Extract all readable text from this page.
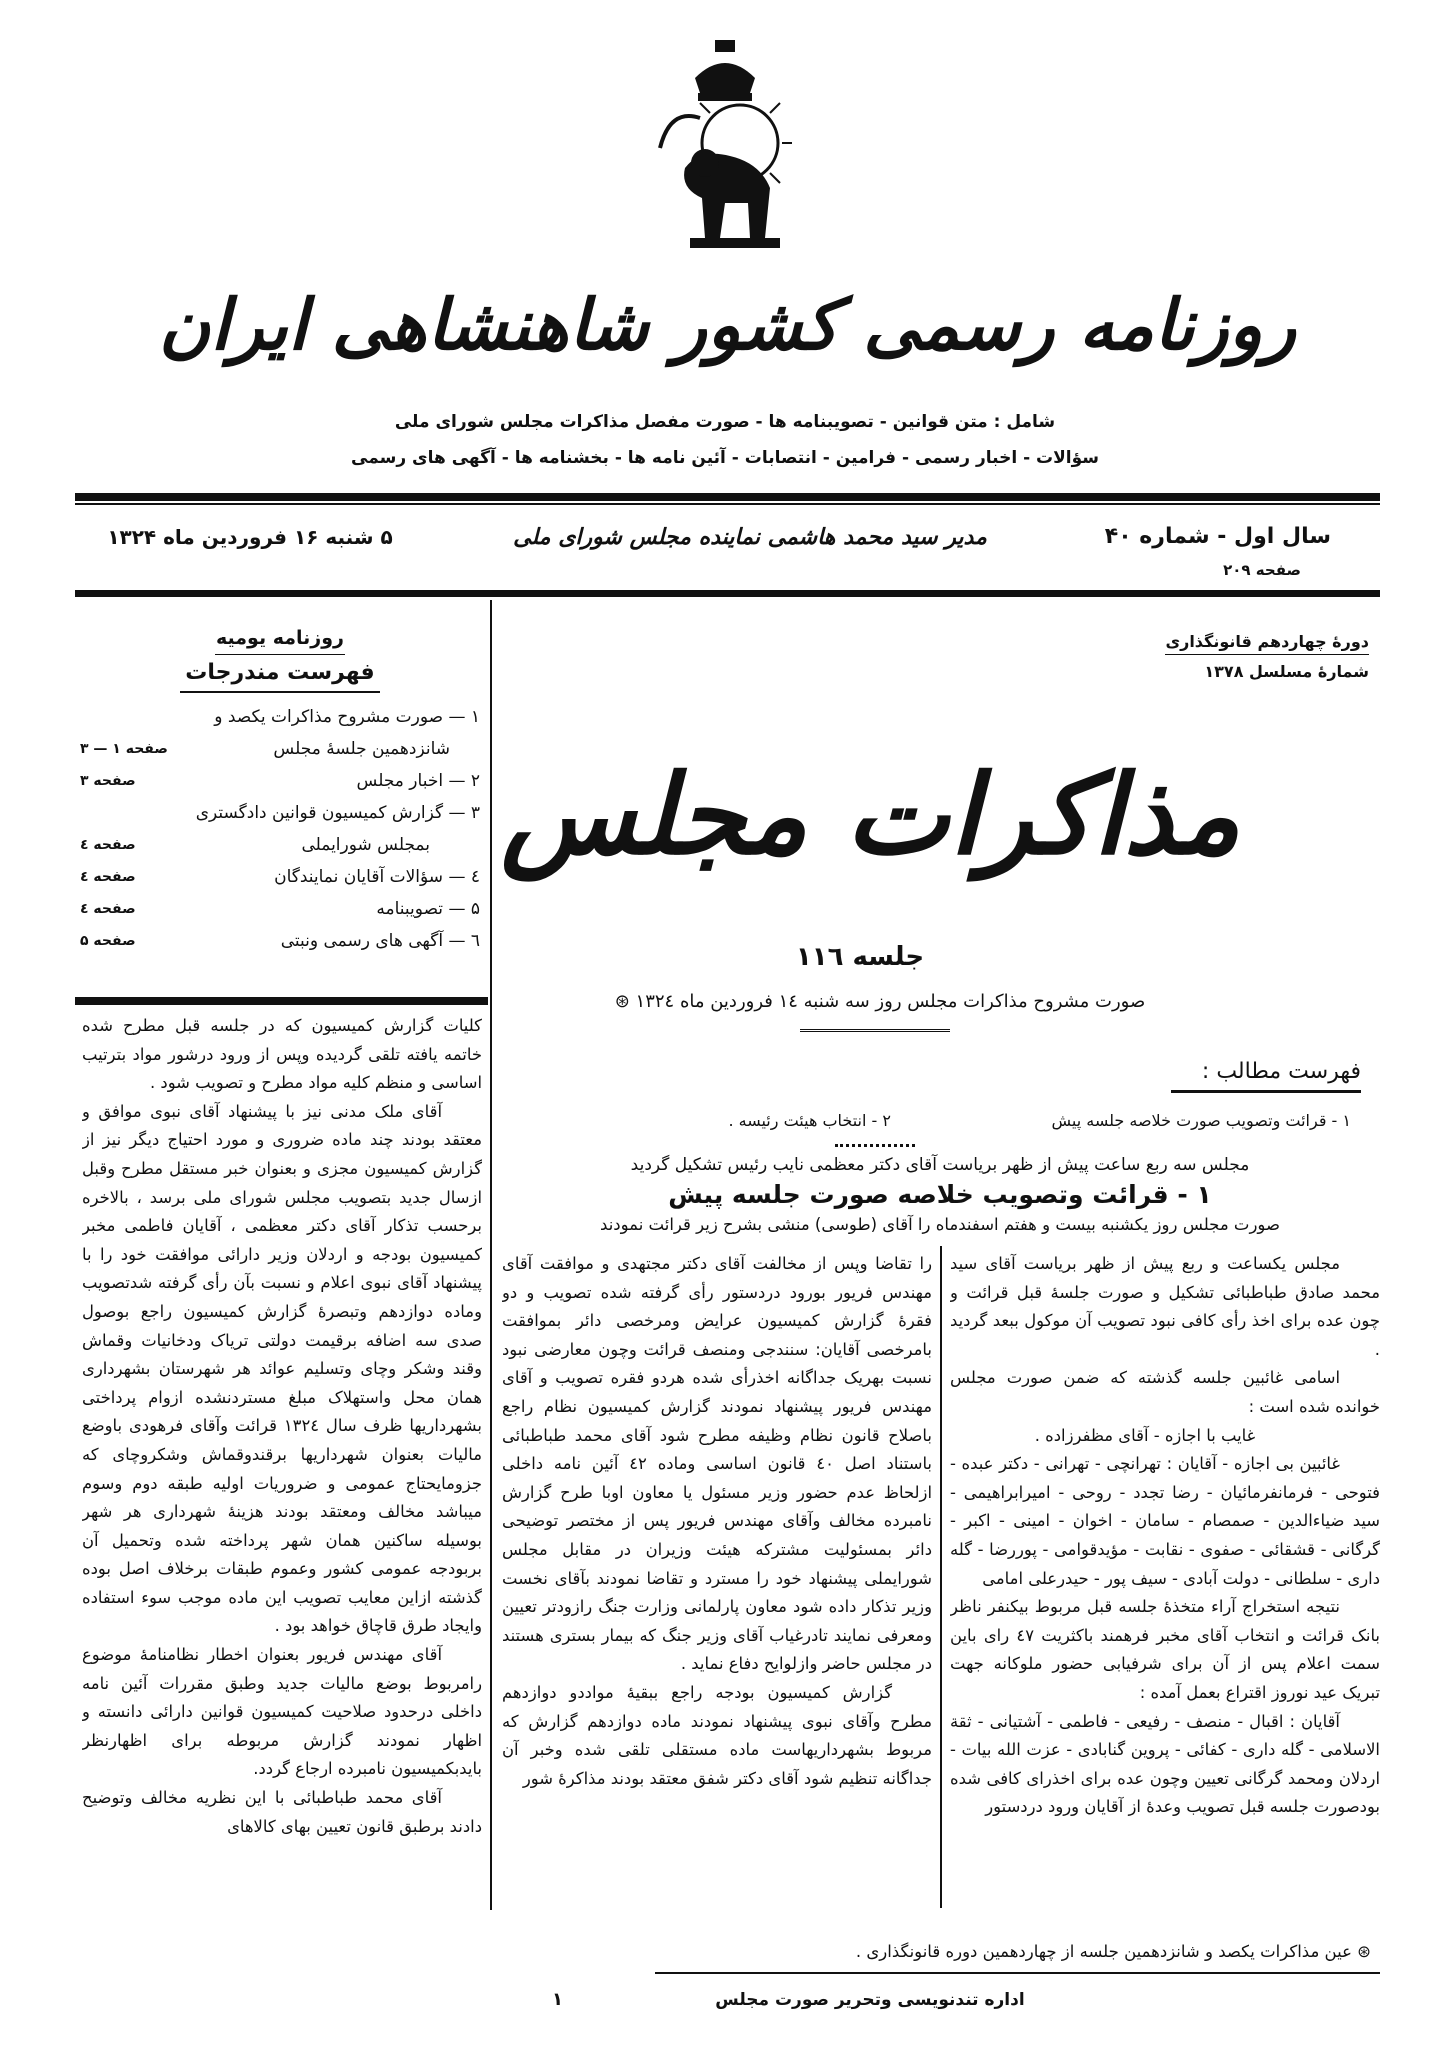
روزنامه رسمی کشور شاهنشاهی ایران
شامل : متن قوانین - تصویبنامه ها - صورت مفصل مذاکرات مجلس شورای ملی
سؤالات - اخبار رسمی - فرامین - انتصابات - آئین نامه ها - بخشنامه ها - آگهی های رسمی
سال اول - شماره ۴۰
صفحه ۲۰۹
مدیر سید محمد هاشمی نماینده مجلس شورای ملی
۵ شنبه ۱۶ فروردین ماه ۱۳۲۴
روزنامه یومیه
فهرست مندرجات
۱ — صورت مشروح مذاکرات یکصد و
شانزدهمین جلسهٔ مجلس
صفحه ۱ — ۳
۲ — اخبار مجلس
صفحه ۳
۳ — گزارش کمیسیون قوانین دادگستری
بمجلس شورایملی
صفحه ٤
٤ — سؤالات آقایان نمایندگان
صفحه ٤
۵ — تصویبنامه
صفحه ٤
٦ — آگهی های رسمی ونبتی
صفحه ۵

کلیات گزارش کمیسیون که در جلسه قبل مطرح شده خاتمه یافته تلقی گردیده وپس از ورود درشور مواد بترتیب اساسی و منظم کلیه مواد مطرح و تصویب شود .

آقای ملک مدنی نیز با پیشنهاد آقای نبوی موافق و معتقد بودند چند ماده ضروری و مورد احتیاج دیگر نیز از گزارش کمیسیون مجزی و بعنوان خبر مستقل مطرح وقبل ازسال جدید بتصویب مجلس شورای ملی برسد ، بالاخره برحسب تذکار آقای دکتر معظمی ، آقایان فاطمی مخبر کمیسیون بودجه و اردلان وزیر دارائی موافقت خود را با پیشنهاد آقای نبوی اعلام و نسبت بآن رأی گرفته شدتصویب وماده دوازدهم وتبصرهٔ گزارش کمیسیون راجع بوصول صدی سه اضافه برقیمت دولتی تریاک ودخانیات وقماش وقند وشکر وچای وتسلیم عوائد هر شهرستان بشهرداری همان محل واستهلاک مبلغ مستردنشده ازوام پرداختی بشهرداریها ظرف سال ۱۳۲٤ قرائت وآقای فرهودی باوضع مالیات بعنوان شهرداریها برقندوقماش وشکروچای که جزومایحتاج عمومی و ضروریات اولیه طبقه دوم وسوم میباشد مخالف ومعتقد بودند هزینهٔ شهرداری هر شهر بوسیله ساکنین همان شهر پرداخته شده وتحمیل آن بربودجه عمومی کشور وعموم طبقات برخلاف اصل بوده گذشته ازاین معایب تصویب این ماده موجب سوء استفاده وایجاد طرق قاچاق خواهد بود .

آقای مهندس فریور بعنوان اخطار نظامنامهٔ موضوع رامربوط بوضع مالیات جدید وطبق مقررات آئین نامه داخلی درحدود صلاحیت کمیسیون قوانین دارائی دانسته و اظهار نمودند گزارش مربوطه برای اظهارنظر بایدبکمیسیون نامبرده ارجاع گردد.

آقای محمد طباطبائی با این نظریه مخالف وتوضیح دادند برطبق قانون تعیین بهای کالاهای

دورهٔ چهاردهم قانونگذاری
شمارهٔ مسلسل ۱۳۷۸
مذاکرات مجلس
جلسه ۱۱٦
صورت مشروح مذاکرات مجلس روز سه شنبه ۱٤ فروردین ماه ۱۳۲٤ ⊛
فهرست مطالب :
۱ - قرائت وتصویب صورت خلاصه جلسه پیش
۲ - انتخاب هیئت رئیسه .
مجلس سه ربع ساعت پیش از ظهر بریاست آقای دکتر معظمی نایب رئیس تشکیل گردید
۱ - قرائت وتصویب خلاصه صورت جلسه پیش
صورت مجلس روز یکشنبه بیست و هفتم اسفندماه را آقای (طوسی) منشی بشرح زیر قرائت نمودند

مجلس یکساعت و ربع پیش از ظهر بریاست آقای سید محمد صادق طباطبائی تشکیل و صورت جلسهٔ قبل قرائت و چون عده برای اخذ رأی کافی نبود تصویب آن موکول ببعد گردید .

اسامی غائبین جلسه گذشته که ضمن صورت مجلس خوانده شده است :

غایب با اجازه - آقای مظفرزاده .

غائبین بی اجازه - آقایان : تهرانچی - تهرانی - دکتر عبده - فتوحی - فرمانفرمائیان - رضا تجدد - روحی - امیرابراهیمی - سید ضیاءالدین - صمصام - سامان - اخوان - امینی - اکبر - گرگانی - قشقائی - صفوی - نقابت - مؤیدقوامی - پوررضا - گله داری - سلطانی - دولت آبادی - سیف پور - حیدرعلی امامی

نتیجه استخراج آراء متخذهٔ جلسه قبل مربوط بیکنفر ناظر بانک قرائت و انتخاب آقای مخبر فرهمند باکثریت ٤۷ رای باین سمت اعلام پس از آن برای شرفیابی حضور ملوکانه جهت تبریک عید نوروز اقتراع بعمل آمده :

آقایان : اقبال - منصف - رفیعی - فاطمی - آشتیانی - ثقة الاسلامی - گله داری - کفائی - پروین گنابادی - عزت الله بیات - اردلان ومحمد گرگانی تعیین وچون عده برای اخذرای کافی شده بودصورت جلسه قبل تصویب وعدهٔ از آقایان ورود دردستور

را تقاضا وپس از مخالفت آقای دکتر مجتهدی و موافقت آقای مهندس فریور بورود دردستور رأی گرفته شده تصویب و دو فقرهٔ گزارش کمیسیون عرایض ومرخصی دائر بموافقت بامرخصی آقایان: سنندجی ومنصف قرائت وچون معارضی نبود نسبت بهریک جداگانه اخذرأی شده هردو فقره تصویب و آقای مهندس فریور پیشنهاد نمودند گزارش کمیسیون نظام راجع باصلاح قانون نظام وظیفه مطرح شود آقای محمد طباطبائی باستناد اصل ٤۰ قانون اساسی وماده ٤۲ آئین نامه داخلی ازلحاظ عدم حضور وزیر مسئول یا معاون اوبا طرح گزارش نامبرده مخالف وآقای مهندس فریور پس از مختصر توضیحی دائر بمسئولیت مشترکه هیئت وزیران در مقابل مجلس شورایملی پیشنهاد خود را مسترد و تقاضا نمودند بآقای نخست وزیر تذکار داده شود معاون پارلمانی وزارت جنگ رازودتر تعیین ومعرفی نمایند تادرغیاب آقای وزیر جنگ که بیمار بستری هستند در مجلس حاضر وازلوایح دفاع نماید .

گزارش کمیسیون بودجه راجع ببقیهٔ مواددو دوازدهم مطرح وآقای نبوی پیشنهاد نمودند ماده دوازدهم گزارش که مربوط بشهرداریهاست ماده مستقلی تلقی شده وخبر آن جداگانه تنظیم شود آقای دکتر شفق معتقد بودند مذاکرهٔ شور

⊛ عین مذاکرات یکصد و شانزدهمین جلسه از چهاردهمین دوره قانونگذاری .
اداره تندنویسی وتحریر صورت مجلس
۱
